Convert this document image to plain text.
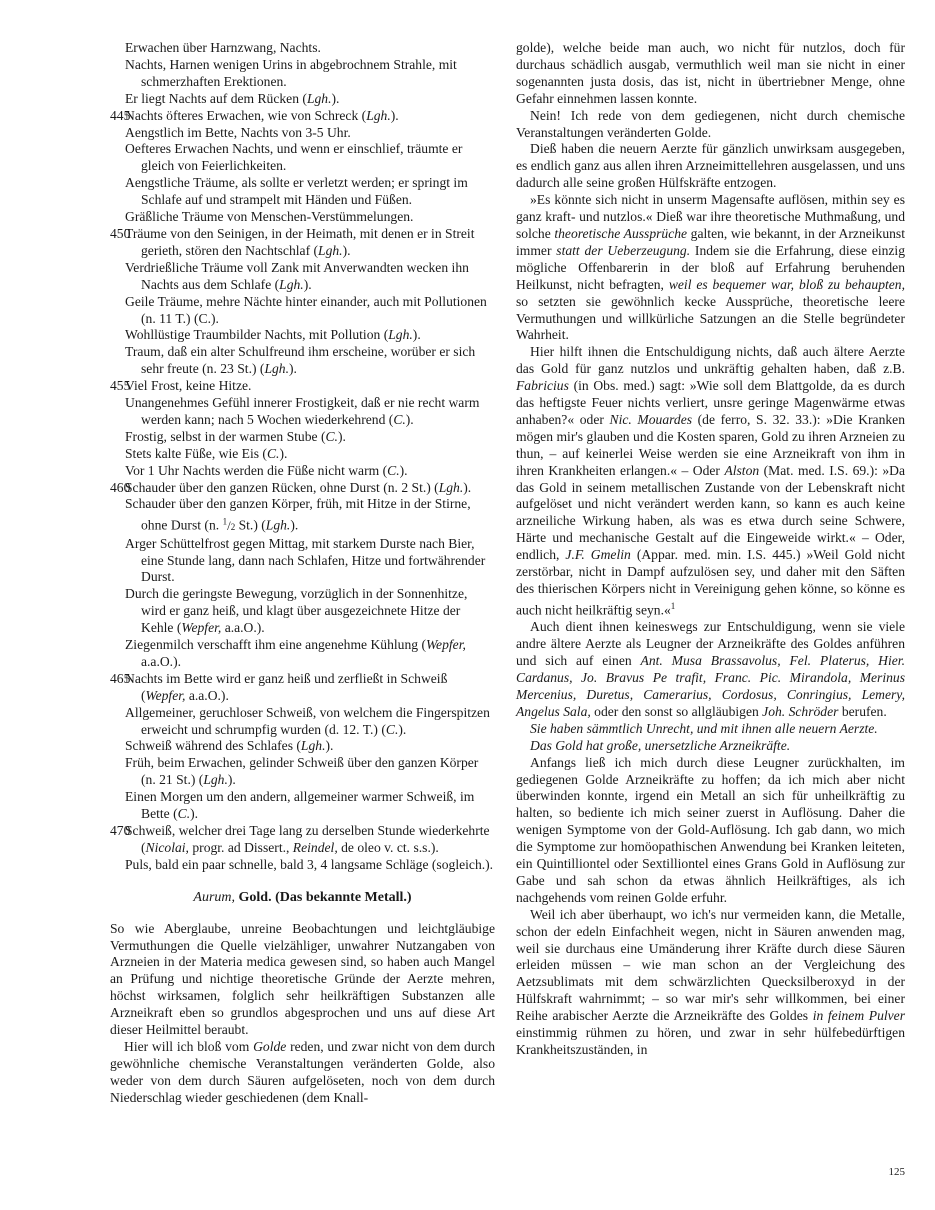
Erwachen über Harnzwang, Nachts.
Nachts, Harnen wenigen Urins in abgebrochnem Strahle, mit schmerzhaften Erektionen.
Er liegt Nachts auf dem Rücken (Lgh.).
445
Nachts öfteres Erwachen, wie von Schreck (Lgh.).
Aengstlich im Bette, Nachts von 3-5 Uhr.
Oefteres Erwachen Nachts, und wenn er einschlief, träumte er gleich von Feierlichkeiten.
Aengstliche Träume, als sollte er verletzt werden; er springt im Schlafe auf und strampelt mit Händen und Füßen.
Gräßliche Träume von Menschen-Verstümmelungen.
450
Träume von den Seinigen, in der Heimath, mit denen er in Streit gerieth, stören den Nachtschlaf (Lgh.).
Verdrießliche Träume voll Zank mit Anverwandten wecken ihn Nachts aus dem Schlafe (Lgh.).
Geile Träume, mehre Nächte hinter einander, auch mit Pollutionen (n. 11 T.) (C.).
Wohllüstige Traumbilder Nachts, mit Pollution (Lgh.).
Traum, daß ein alter Schulfreund ihm erscheine, worüber er sich sehr freute (n. 23 St.) (Lgh.).
455
Viel Frost, keine Hitze.
Unangenehmes Gefühl innerer Frostigkeit, daß er nie recht warm werden kann; nach 5 Wochen wiederkehrend (C.).
Frostig, selbst in der warmen Stube (C.).
Stets kalte Füße, wie Eis (C.).
Vor 1 Uhr Nachts werden die Füße nicht warm (C.).
460
Schauder über den ganzen Rücken, ohne Durst (n. 2 St.) (Lgh.).
Schauder über den ganzen Körper, früh, mit Hitze in der Stirne, ohne Durst (n. $^1$/2 St.) (Lgh.).
Arger Schüttelfrost gegen Mittag, mit starkem Durste nach Bier, eine Stunde lang, dann nach Schlafen, Hitze und fortwährender Durst.
Durch die geringste Bewegung, vorzüglich in der Sonnenhitze, wird er ganz heiß, und klagt über ausgezeichnete Hitze der Kehle (Wepfer, a.a.O.).
Ziegenmilch verschafft ihm eine angenehme Kühlung (Wepfer, a.a.O.).
465
Nachts im Bette wird er ganz heiß und zerfließt in Schweiß (Wepfer, a.a.O.).
Allgemeiner, geruchloser Schweiß, von welchem die Fingerspitzen erweicht und schrumpfig wurden (d. 12. T.) (C.).
Schweiß während des Schlafes (Lgh.).
Früh, beim Erwachen, gelinder Schweiß über den ganzen Körper (n. 21 St.) (Lgh.).
Einen Morgen um den andern, allgemeiner warmer Schweiß, im Bette (C.).
470
Schweiß, welcher drei Tage lang zu derselben Stunde wiederkehrte (Nicolai, progr. ad Dissert., Reindel, de oleo v. ct. s.s.).
Puls, bald ein paar schnelle, bald 3, 4 langsame Schläge (sogleich.).
Aurum, Gold. (Das bekannte Metall.)

So wie Aberglaube, unreine Beobachtungen und leichtgläubige Vermuthungen die Quelle vielzähliger, unwahrer Nutzangaben von Arzneien in der Materia medica gewesen sind, so haben auch Mangel an Prüfung und nichtige theoretische Gründe der Aerzte mehren, höchst wirksamen, folglich sehr heilkräftigen Substanzen alle Arzneikraft eben so grundlos abgesprochen und uns auf diese Art dieser Heilmittel beraubt.

Hier will ich bloß vom Golde reden, und zwar nicht von dem durch gewöhnliche chemische Veranstaltungen veränderten Golde, also weder von dem durch Säuren aufgelöseten, noch von dem durch Niederschlag wieder geschiedenen (dem Knall-

golde), welche beide man auch, wo nicht für nutzlos, doch für durchaus schädlich ausgab, vermuthlich weil man sie nicht in einer sogenannten justa dosis, das ist, nicht in übertriebner Menge, ohne Gefahr einnehmen lassen konnte.

Nein! Ich rede von dem gediegenen, nicht durch chemische Veranstaltungen veränderten Golde.

Dieß haben die neuern Aerzte für gänzlich unwirksam ausgegeben, es endlich ganz aus allen ihren Arzneimittellehren ausgelassen, und uns dadurch alle seine großen Hülfskräfte entzogen.

»Es könnte sich nicht in unserm Magensafte auflösen, mithin sey es ganz kraft- und nutzlos.« Dieß war ihre theoretische Muthmaßung, und solche theoretische Aussprüche galten, wie bekannt, in der Arzneikunst immer statt der Ueberzeugung. Indem sie die Erfahrung, diese einzig mögliche Offenbarerin in der bloß auf Erfahrung beruhenden Heilkunst, nicht befragten, weil es bequemer war, bloß zu behaupten, so setzten sie gewöhnlich kecke Aussprüche, theoretische leere Vermuthungen und willkürliche Satzungen an die Stelle begründeter Wahrheit.

Hier hilft ihnen die Entschuldigung nichts, daß auch ältere Aerzte das Gold für ganz nutzlos und unkräftig gehalten haben, daß z.B. Fabricius (in Obs. med.) sagt: »Wie soll dem Blattgolde, da es durch das heftigste Feuer nichts verliert, unsre geringe Magenwärme etwas anhaben?« oder Nic. Mouardes (de ferro, S. 32. 33.): »Die Kranken mögen mir's glauben und die Kosten sparen, Gold zu ihren Arzneien zu thun, – auf keinerlei Weise werden sie eine Arzneikraft von ihm in ihren Krankheiten erlangen.« – Oder Alston (Mat. med. I.S. 69.): »Da das Gold in seinem metallischen Zustande von der Lebenskraft nicht aufgelöset und nicht verändert werden kann, so kann es auch keine arzneiliche Wirkung haben, als was es etwa durch seine Schwere, Härte und mechanische Gestalt auf die Eingeweide wirkt.« – Oder, endlich, J.F. Gmelin (Appar. med. min. I.S. 445.) »Weil Gold nicht zerstörbar, nicht in Dampf aufzulösen sey, und daher mit den Säften des thierischen Körpers nicht in Vereinigung gehen könne, so könne es auch nicht heilkräftig seyn.«$^1$

Auch dient ihnen keineswegs zur Entschuldigung, wenn sie viele andre ältere Aerzte als Leugner der Arzneikräfte des Goldes anführen und sich auf einen Ant. Musa Brassavolus, Fel. Platerus, Hier. Cardanus, Jo. Bravus Pe trafit, Franc. Pic. Mirandola, Merinus Mercenius, Duretus, Camerarius, Cordosus, Conringius, Lemery, Angelus Sala, oder den sonst so allgläubigen Joh. Schröder berufen.

Sie haben sämmtlich Unrecht, und mit ihnen alle neuern Aerzte.

Das Gold hat große, unersetzliche Arzneikräfte.

Anfangs ließ ich mich durch diese Leugner zurückhalten, im gediegenen Golde Arzneikräfte zu hoffen; da ich mich aber nicht überwinden konnte, irgend ein Metall an sich für unheilkräftig zu halten, so bediente ich mich seiner zuerst in Auflösung. Daher die wenigen Symptome von der Gold-Auflösung. Ich gab dann, wo mich die Symptome zur homöopathischen Anwendung bei Kranken leiteten, ein Quintilliontel oder Sextilliontel eines Grans Gold in Auflösung zur Gabe und sah schon da etwas ähnlich Heilkräftiges, als ich nachgehends vom reinen Golde erfuhr.

Weil ich aber überhaupt, wo ich's nur vermeiden kann, die Metalle, schon der edeln Einfachheit wegen, nicht in Säuren anwenden mag, weil sie durchaus eine Umänderung ihrer Kräfte durch diese Säuren erleiden müssen – wie man schon an der Vergleichung des Aetzsublimats mit dem schwärzlichten Quecksilberoxyd in der Hülfskraft wahrnimmt; – so war mir's sehr willkommen, bei einer Reihe arabischer Aerzte die Arzneikräfte des Goldes in feinem Pulver einstimmig rühmen zu hören, und zwar in sehr hülfebedürftigen Krankheitszuständen, in

125
